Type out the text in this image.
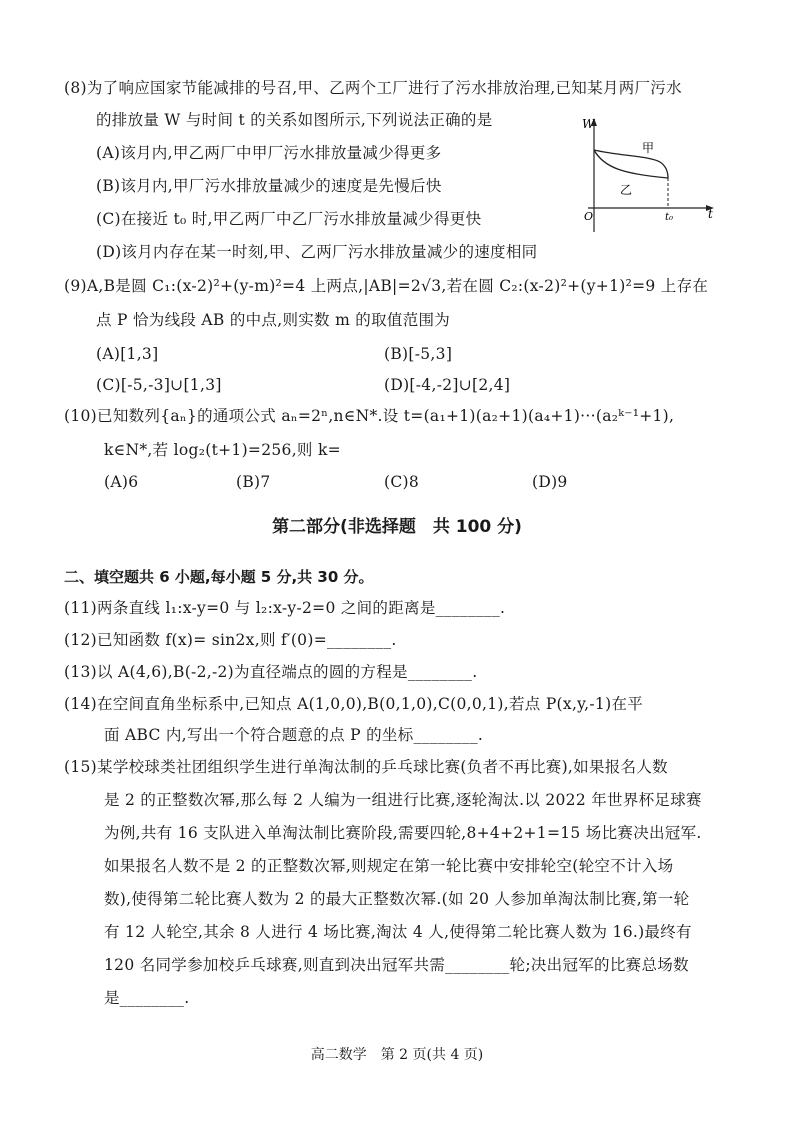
(8)为了响应国家节能减排的号召,甲、乙两个工厂进行了污水排放治理,已知某月两厂污水
的排放量 W 与时间 t 的关系如图所示,下列说法正确的是
(A)该月内,甲乙两厂中甲厂污水排放量减少得更多
(B)该月内,甲厂污水排放量减少的速度是先慢后快
(C)在接近 t₀ 时,甲乙两厂中乙厂污水排放量减少得更快
(D)该月内存在某一时刻,甲、乙两厂污水排放量减少的速度相同
W
t
O	t₀
甲
乙
(9)A,B是圆 C₁:(x-2)²+(y-m)²=4 上两点,|AB|=2√3,若在圆 C₂:(x-2)²+(y+1)²=9 上存在
点 P 恰为线段 AB 的中点,则实数 m 的取值范围为
(A)[1,3]	(B)[-5,3]
(C)[-5,-3]∪[1,3]	(D)[-4,-2]∪[2,4]
(10)已知数列{aₙ}的通项公式 aₙ=2ⁿ,n∈N*.设 t=(a₁+1)(a₂+1)(a₄+1)···(a₂ᵏ⁻¹+1),
k∈N*,若 log₂(t+1)=256,则 k=
(A)6	(B)7	(C)8	(D)9
第二部分(非选择题　共 100 分)
二、填空题共 6 小题,每小题 5 分,共 30 分。
(11)两条直线 l₁:x-y=0 与 l₂:x-y-2=0 之间的距离是________.
(12)已知函数 f(x)= sin2x,则 f′(0)=________.
(13)以 A(4,6),B(-2,-2)为直径端点的圆的方程是________.
(14)在空间直角坐标系中,已知点 A(1,0,0),B(0,1,0),C(0,0,1),若点 P(x,y,-1)在平
面 ABC 内,写出一个符合题意的点 P 的坐标________.
(15)某学校球类社团组织学生进行单淘汰制的乒乓球比赛(负者不再比赛),如果报名人数
是 2 的正整数次幂,那么每 2 人编为一组进行比赛,逐轮淘汰.以 2022 年世界杯足球赛
为例,共有 16 支队进入单淘汰制比赛阶段,需要四轮,8+4+2+1=15 场比赛决出冠军.
如果报名人数不是 2 的正整数次幂,则规定在第一轮比赛中安排轮空(轮空不计入场
数),使得第二轮比赛人数为 2 的最大正整数次幂.(如 20 人参加单淘汰制比赛,第一轮
有 12 人轮空,其余 8 人进行 4 场比赛,淘汰 4 人,使得第二轮比赛人数为 16.)最终有
120 名同学参加校乒乓球赛,则直到决出冠军共需________轮;决出冠军的比赛总场数
是________.
高二数学　第 2 页(共 4 页)
